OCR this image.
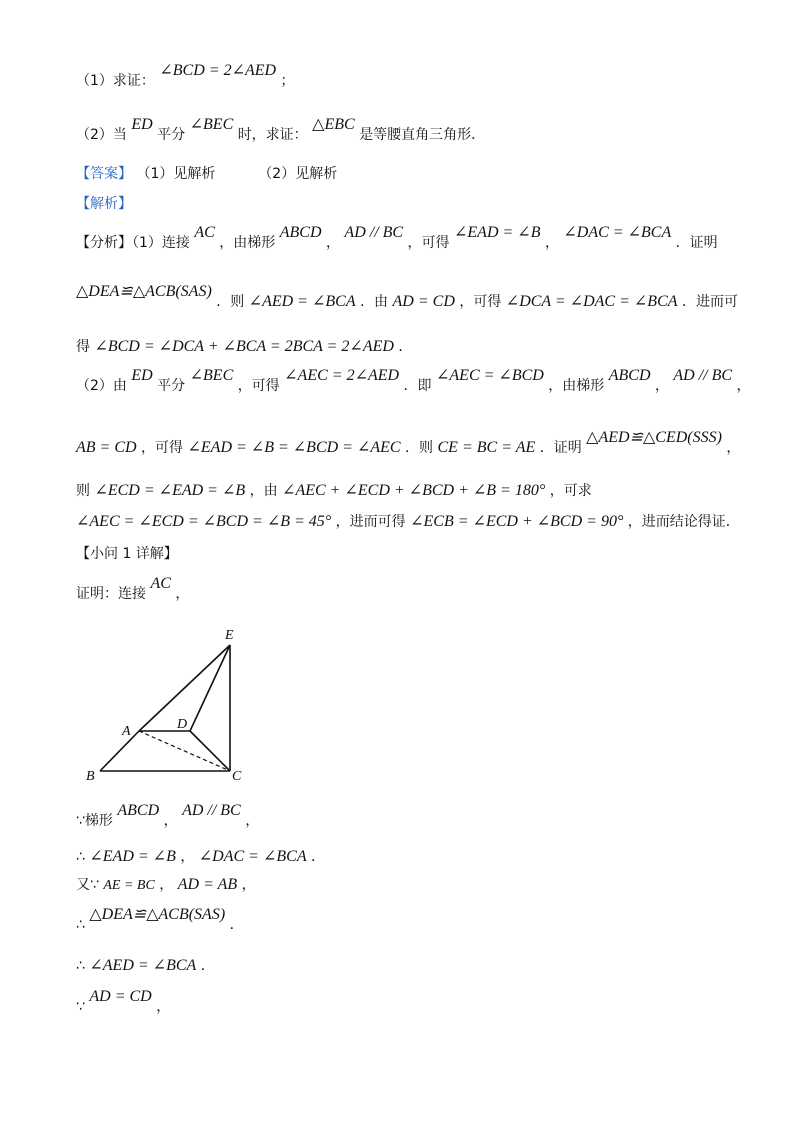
（1）求证： ∠BCD = 2∠AED ；
（2）当 ED 平分 ∠BEC 时，求证： △EBC 是等腰直角三角形．
【答案】 （1）见解析	（2）见解析
【解析】
【分析】（1）连接 AC ，由梯形 ABCD ， AD // BC ，可得 ∠EAD = ∠B ， ∠DAC = ∠BCA ．证明
△DEA≌△ACB(SAS) ．则 ∠AED = ∠BCA ．由 AD = CD ，可得 ∠DCA = ∠DAC = ∠BCA ．进而可
得 ∠BCD = ∠DCA + ∠BCA = 2BCA = 2∠AED ．
（2）由 ED 平分 ∠BEC ，可得 ∠AEC = 2∠AED ．即 ∠AEC = ∠BCD ，由梯形 ABCD ， AD // BC ，
AB = CD ，可得 ∠EAD = ∠B = ∠BCD = ∠AEC ．则 CE = BC = AE ．证明 △AED≌△CED(SSS) ，
则 ∠ECD = ∠EAD = ∠B ，由 ∠AEC + ∠ECD + ∠BCD + ∠B = 180° ，可求
∠AEC = ∠ECD = ∠BCD = ∠B = 45° ，进而可得 ∠ECB = ∠ECD + ∠BCD = 90° ，进而结论得证．
【小问 1 详解】
证明：连接 AC ，
E
A	D
B	C
∵梯形 ABCD ， AD // BC ，
∴ ∠EAD = ∠B ， ∠DAC = ∠BCA ．
又∵ AE = BC ， AD = AB ，
∴ △DEA≌△ACB(SAS) ．
∴ ∠AED = ∠BCA ．
∵ AD = CD ，
